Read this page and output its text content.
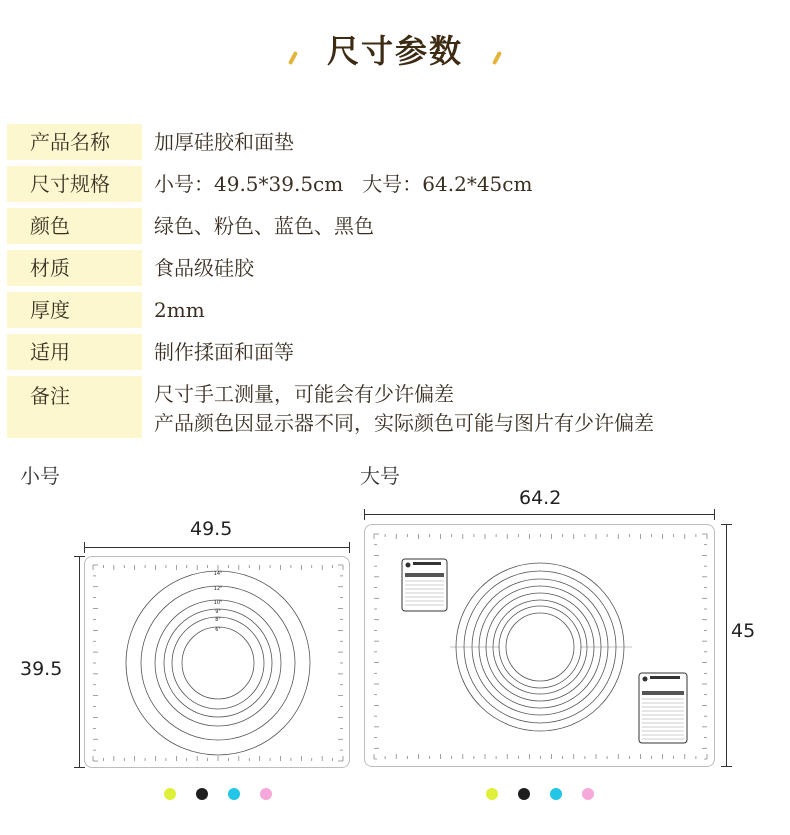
尺寸参数
产品名称	加厚硅胶和面垫
尺寸规格	小号：49.5*39.5cm   大号：64.2*45cm
颜色	绿色、粉色、蓝色、黑色
材质	食品级硅胶
厚度	2mm
适用	制作揉面和面等
备注	尺寸手工测量，可能会有少许偏差
产品颜色因显示器不同，实际颜色可能与图片有少许偏差
小号
49.5
39.5
14"
12"
10"
9"
8"
6"
大号
64.2
45
